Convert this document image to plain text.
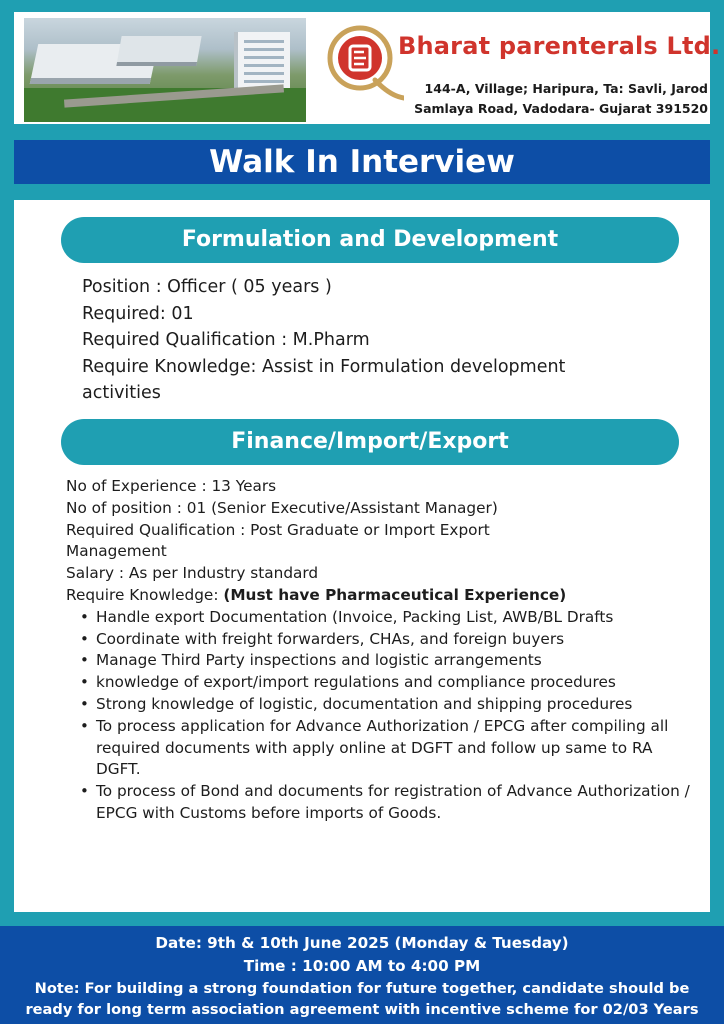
Bharat parenterals Ltd.
144-A, Village; Haripura, Ta: Savli, Jarod
Samlaya Road, Vadodara- Gujarat 391520
Walk In Interview
Formulation and Development
Position : Officer ( 05 years )
Required: 01
Required Qualification : M.Pharm
Require Knowledge: Assist in Formulation development
activities
Finance/Import/Export
No of Experience : 13 Years
No of position : 01 (Senior Executive/Assistant Manager)
Required Qualification : Post Graduate or Import Export
Management
Salary : As per Industry standard
Require Knowledge: (Must have Pharmaceutical Experience)
• Handle export Documentation (Invoice, Packing List, AWB/BL Drafts
• Coordinate with freight forwarders, CHAs, and foreign buyers
• Manage Third Party inspections and logistic arrangements
• knowledge of export/import regulations and compliance procedures
• Strong knowledge of logistic, documentation and shipping procedures
• To process application for Advance Authorization / EPCG after compiling all required documents with apply online at DGFT and follow up same to RA DGFT.
• To process of Bond and documents for registration of Advance Authorization / EPCG with Customs before imports of Goods.
Date: 9th & 10th June 2025 (Monday & Tuesday)
Time : 10:00 AM to 4:00 PM
Note: For building a strong foundation for future together, candidate should be
ready for long term association agreement with incentive scheme for 02/03 Years
